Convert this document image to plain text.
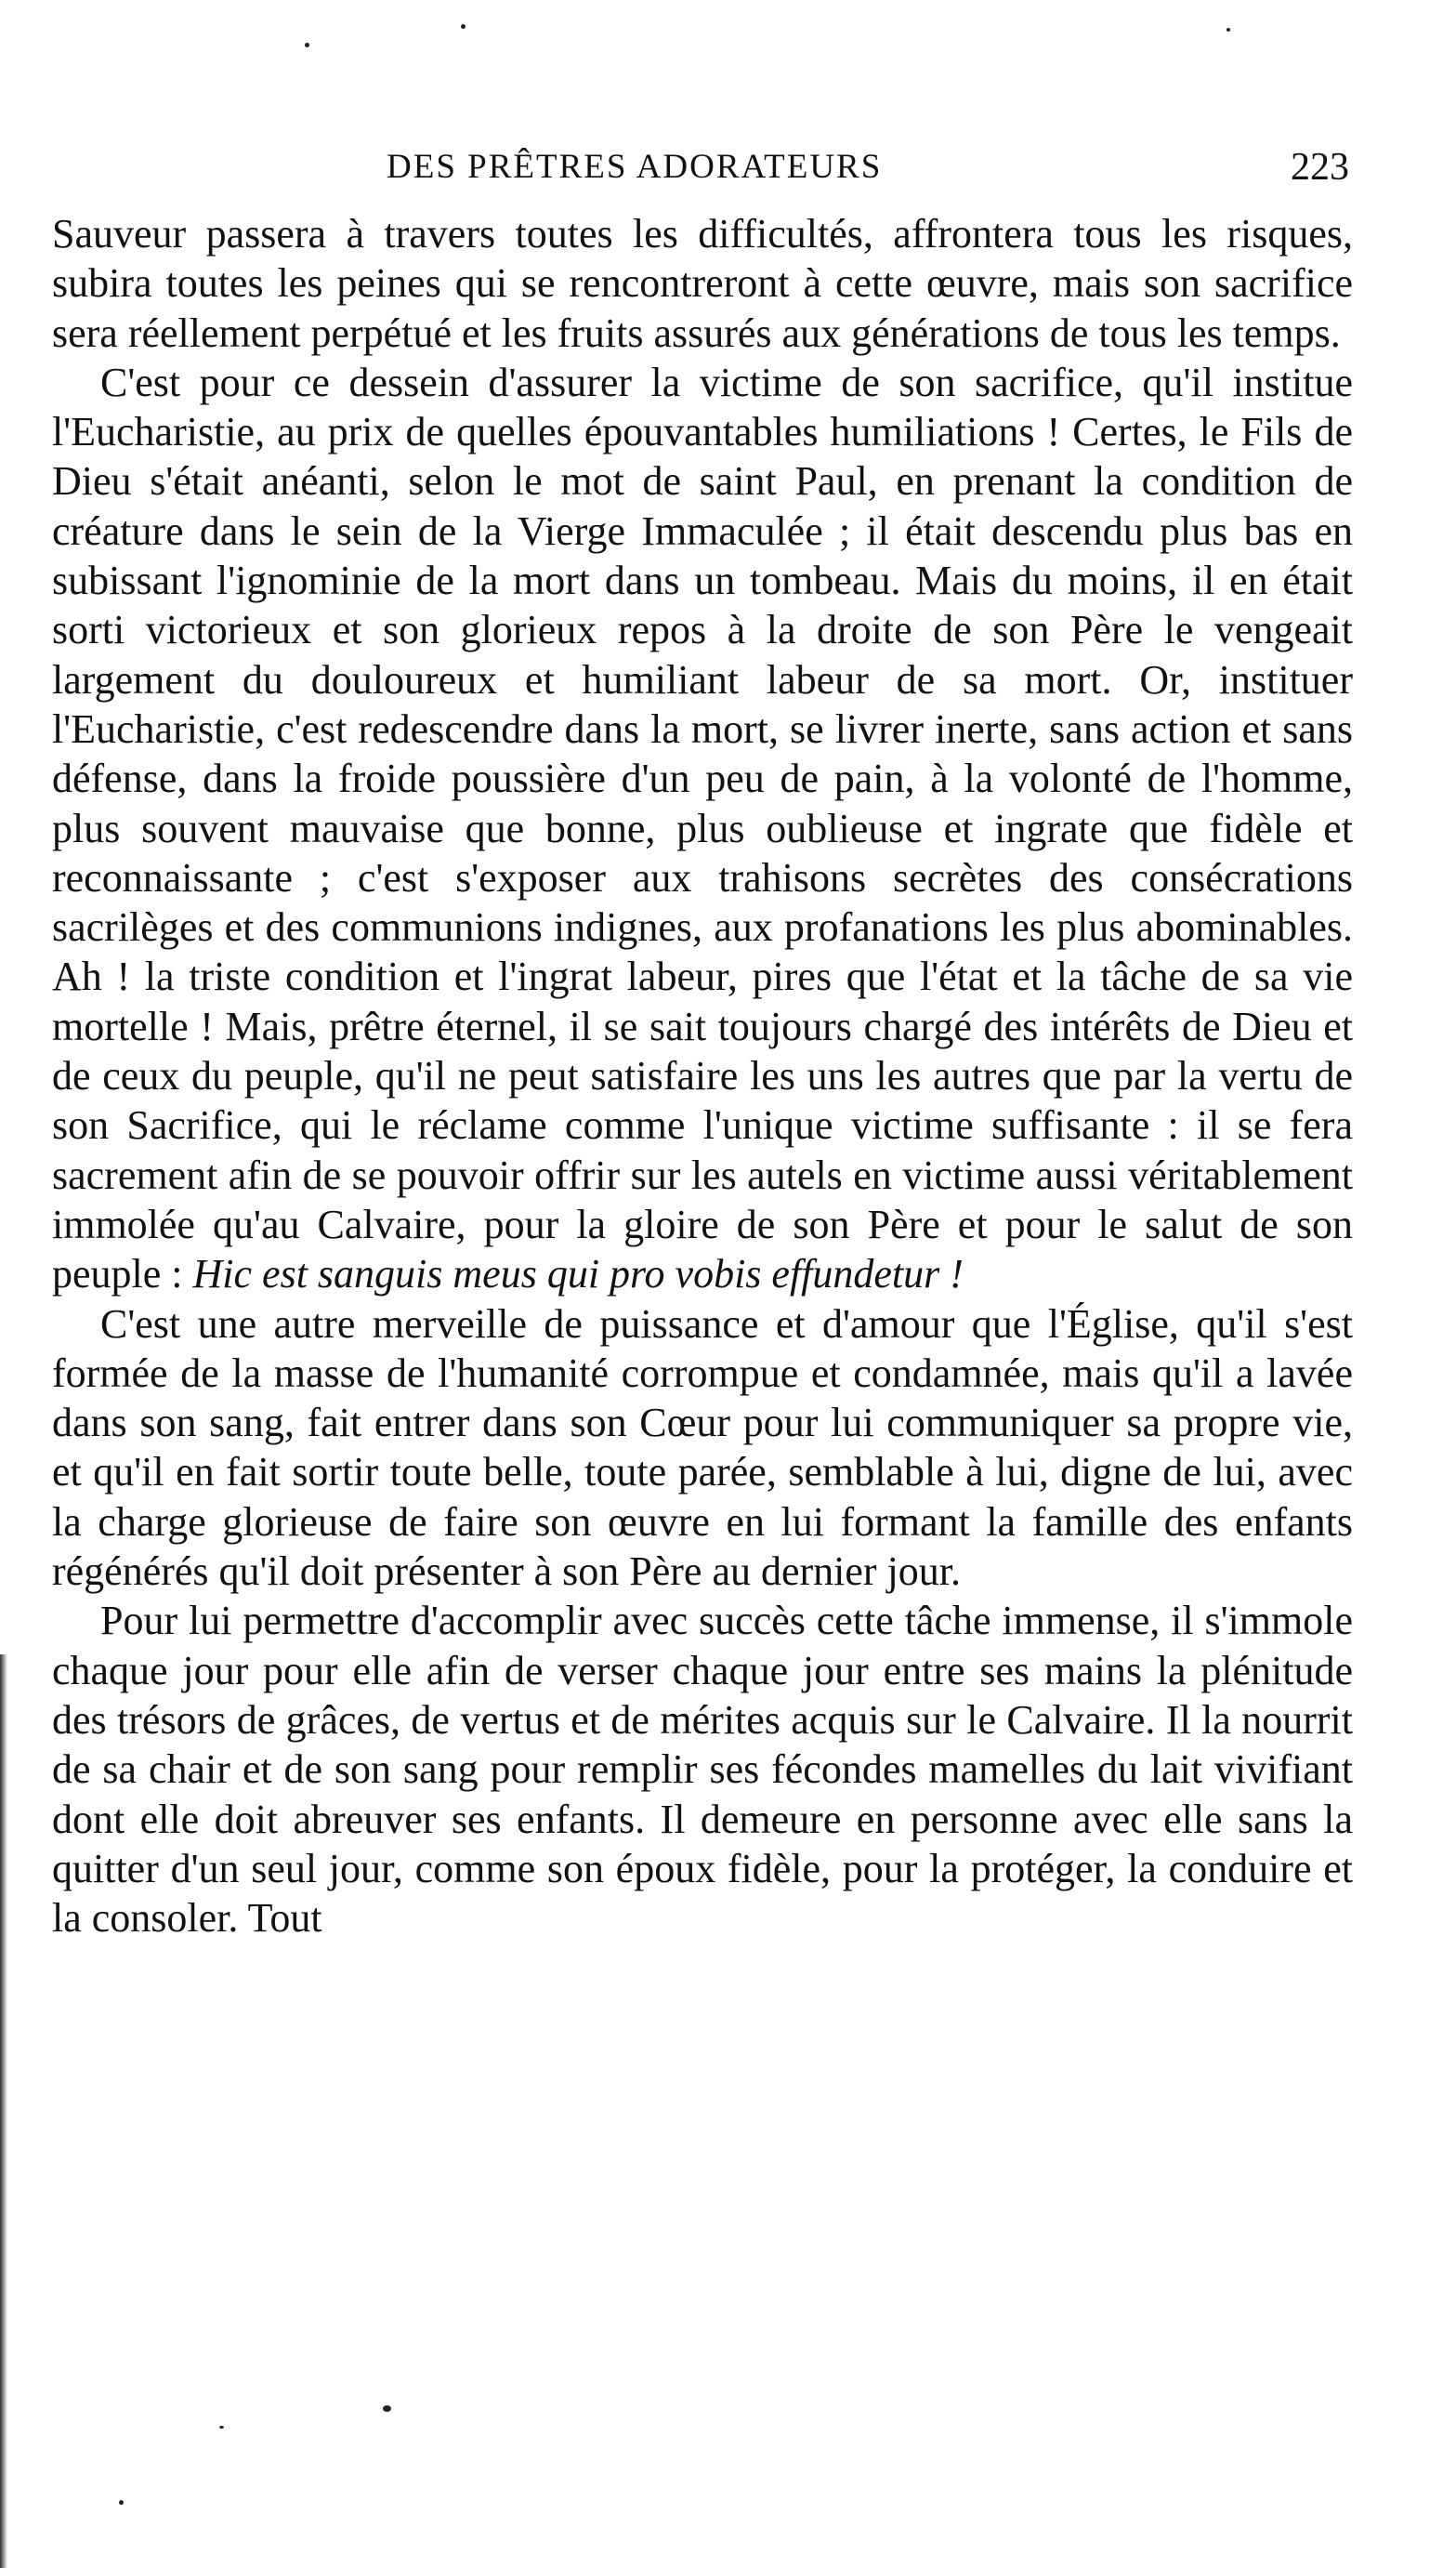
DES PRÊTRES ADORATEURS	223

Sauveur passera à travers toutes les difficultés, affrontera tous les risques, subira toutes les peines qui se rencontreront à cette œuvre, mais son sacrifice sera réellement perpétué et les fruits assurés aux générations de tous les temps.

C'est pour ce dessein d'assurer la victime de son sacrifice, qu'il institue l'Eucharistie, au prix de quelles épouvantables humiliations ! Certes, le Fils de Dieu s'était anéanti, selon le mot de saint Paul, en prenant la condition de créature dans le sein de la Vierge Immaculée ; il était descendu plus bas en subissant l'ignominie de la mort dans un tombeau. Mais du moins, il en était sorti victorieux et son glorieux repos à la droite de son Père le vengeait largement du douloureux et humiliant labeur de sa mort. Or, instituer l'Eucharistie, c'est redescendre dans la mort, se livrer inerte, sans action et sans défense, dans la froide poussière d'un peu de pain, à la volonté de l'homme, plus souvent mauvaise que bonne, plus oublieuse et ingrate que fidèle et reconnaissante ; c'est s'exposer aux trahisons secrètes des consécrations sacrilèges et des communions indignes, aux profanations les plus abominables. Ah ! la triste condition et l'ingrat labeur, pires que l'état et la tâche de sa vie mortelle ! Mais, prêtre éternel, il se sait toujours chargé des intérêts de Dieu et de ceux du peuple, qu'il ne peut satisfaire les uns les autres que par la vertu de son Sacrifice, qui le réclame comme l'unique victime suffisante : il se fera sacrement afin de se pouvoir offrir sur les autels en victime aussi véritablement immolée qu'au Calvaire, pour la gloire de son Père et pour le salut de son peuple : Hic est sanguis meus qui pro vobis effundetur !

C'est une autre merveille de puissance et d'amour que l'Église, qu'il s'est formée de la masse de l'humanité corrompue et condamnée, mais qu'il a lavée dans son sang, fait entrer dans son Cœur pour lui communiquer sa propre vie, et qu'il en fait sortir toute belle, toute parée, semblable à lui, digne de lui, avec la charge glorieuse de faire son œuvre en lui formant la famille des enfants régénérés qu'il doit présenter à son Père au dernier jour.

Pour lui permettre d'accomplir avec succès cette tâche immense, il s'immole chaque jour pour elle afin de verser chaque jour entre ses mains la plénitude des trésors de grâces, de vertus et de mérites acquis sur le Calvaire. Il la nourrit de sa chair et de son sang pour remplir ses fécondes mamelles du lait vivifiant dont elle doit abreuver ses enfants. Il demeure en personne avec elle sans la quitter d'un seul jour, comme son époux fidèle, pour la protéger, la conduire et la consoler. Tout
